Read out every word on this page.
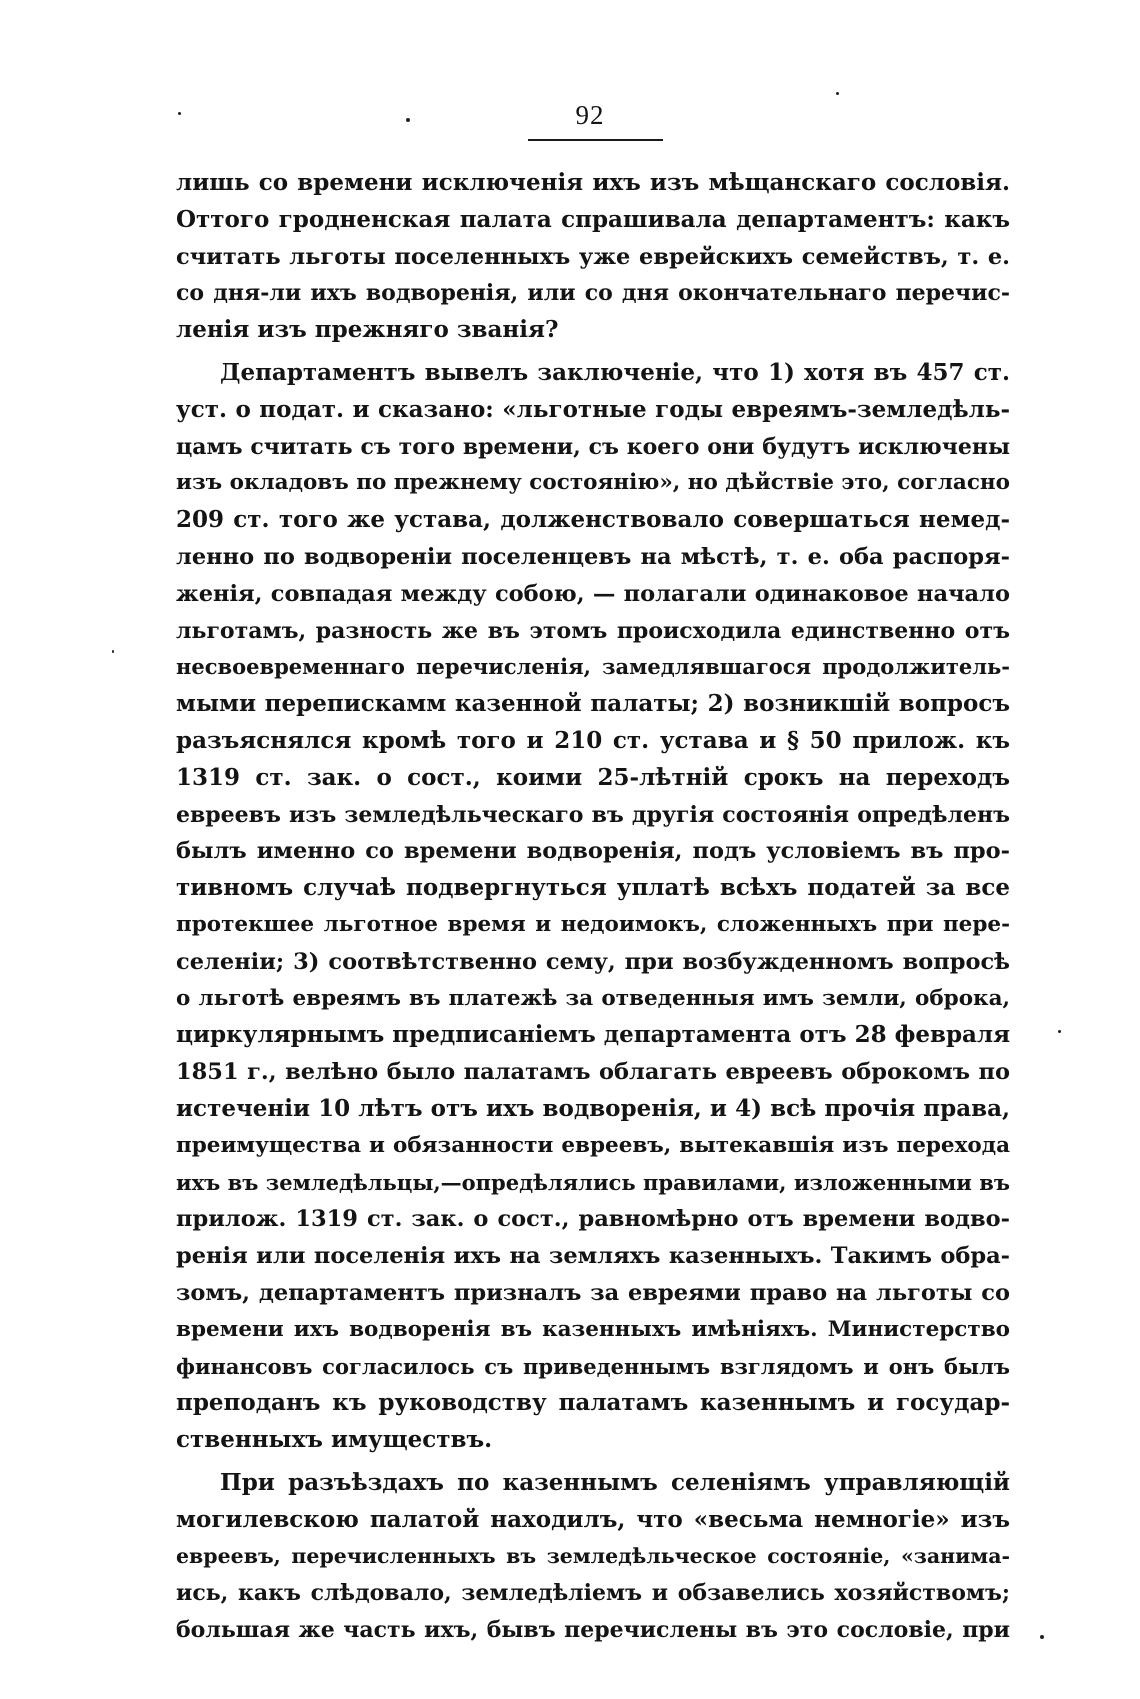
92
лишь со времени исключенія ихъ изъ мѣщанскаго сословія.
Оттого гродненская палата спрашивала департаментъ: какъ
считать льготы поселенныхъ уже еврейскихъ семействъ, т. е.
со дня-ли ихъ водворенія, или со дня окончательнаго перечис-
ленія изъ прежняго званія?
Департаментъ вывелъ заключеніе, что 1) хотя въ 457 ст.
уст. о подат. и сказано: «льготные годы евреямъ-земледѣль-
цамъ считать съ того времени, съ коего они будутъ исключены
изъ окладовъ по прежнему состоянію», но дѣйствіе это, согласно
209 ст. того же устава, долженствовало совершаться немед-
ленно по водвореніи поселенцевъ на мѣстѣ, т. е. оба распоря-
женія, совпадая между собою, — полагали одинаковое начало
льготамъ, разность же въ этомъ происходила единственно отъ
несвоевременнаго перечисленія, замедлявшагося продолжитель-
мыми перепискамм казенной палаты; 2) возникшій вопросъ
разъяснялся кромѣ того и 210 ст. устава и § 50 прилож. къ
1319 ст. зак. о сост., коими 25-лѣтній срокъ на переходъ
евреевъ изъ земледѣльческаго въ другія состоянія опредѣленъ
былъ именно со времени водворенія, подъ условіемъ въ про-
тивномъ случаѣ подвергнуться уплатѣ всѣхъ податей за все
протекшее льготное время и недоимокъ, сложенныхъ при пере-
селеніи; 3) соотвѣтственно сему, при возбужденномъ вопросѣ
о льготѣ евреямъ въ платежѣ за отведенныя имъ земли, оброка,
циркулярнымъ предписаніемъ департамента отъ 28 февраля
1851 г., велѣно было палатамъ облагать евреевъ оброкомъ по
истеченіи 10 лѣтъ отъ ихъ водворенія, и 4) всѣ прочія права,
преимущества и обязанности евреевъ, вытекавшія изъ перехода
ихъ въ земледѣльцы,—опредѣлялись правилами, изложенными въ
прилож. 1319 ст. зак. о сост., равномѣрно отъ времени водво-
ренія или поселенія ихъ на земляхъ казенныхъ. Такимъ обра-
зомъ, департаментъ призналъ за евреями право на льготы со
времени ихъ водворенія въ казенныхъ имѣніяхъ. Министерство
финансовъ согласилось съ приведеннымъ взглядомъ и онъ былъ
преподанъ къ руководству палатамъ казеннымъ и государ-
ственныхъ имуществъ.
При разъѣздахъ по казеннымъ селеніямъ управляющій
могилевскою палатой находилъ, что «весьма немногіе» изъ
евреевъ, перечисленныхъ въ земледѣльческое состояніе, «занима-
ись, какъ слѣдовало, земледѣліемъ и обзавелись хозяйствомъ;
большая же часть ихъ, бывъ перечислены въ это сословіе, при
